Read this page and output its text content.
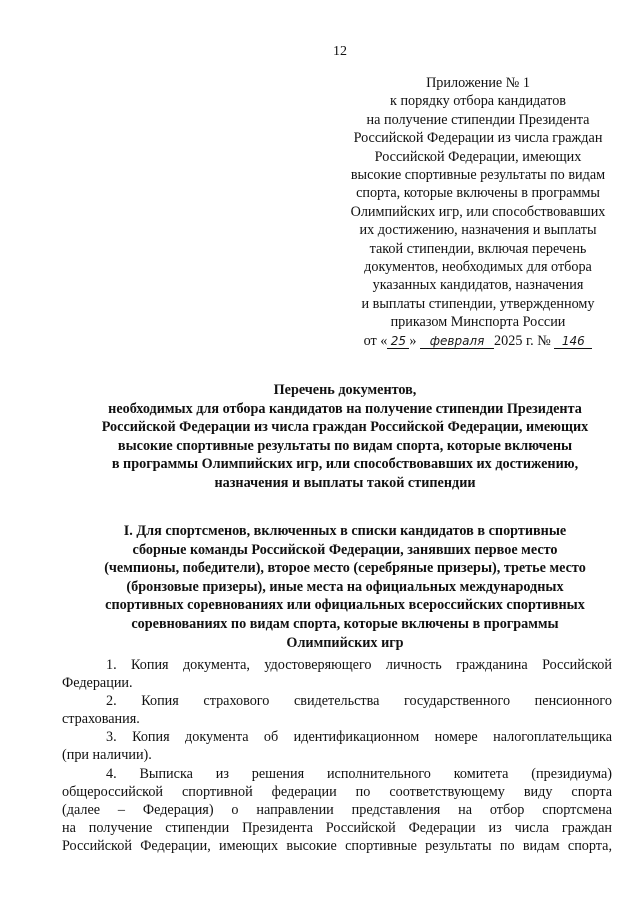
12
Приложение № 1
к порядку отбора кандидатов
на получение стипендии Президента
Российской Федерации из числа граждан
Российской Федерации, имеющих
высокие спортивные результаты по видам
спорта, которые включены в программы
Олимпийских игр, или способствовавших
их достижению, назначения и выплаты
такой стипендии, включая перечень
документов, необходимых для отбора
указанных кандидатов, назначения
и выплаты стипендии, утвержденному
приказом Минспорта России
от « 25 » февраля 2025 г. № 146
Перечень документов,
необходимых для отбора кандидатов на получение стипендии Президента
Российской Федерации из числа граждан Российской Федерации, имеющих
высокие спортивные результаты по видам спорта, которые включены
в программы Олимпийских игр, или способствовавших их достижению,
назначения и выплаты такой стипендии
I. Для спортсменов, включенных в списки кандидатов в спортивные
сборные команды Российской Федерации, занявших первое место
(чемпионы, победители), второе место (серебряные призеры), третье место
(бронзовые призеры), иные места на официальных международных
спортивных соревнованиях или официальных всероссийских спортивных
соревнованиях по видам спорта, которые включены в программы
Олимпийских игр
1. Копия документа, удостоверяющего личность гражданина Российской
Федерации.
2. Копия страхового свидетельства государственного пенсионного
страхования.
3. Копия документа об идентификационном номере налогоплательщика
(при наличии).
4. Выписка из решения исполнительного комитета (президиума)
общероссийской спортивной федерации по соответствующему виду спорта
(далее – Федерация) о направлении представления на отбор спортсмена
на получение стипендии Президента Российской Федерации из числа граждан
Российской Федерации, имеющих высокие спортивные результаты по видам спорта,
